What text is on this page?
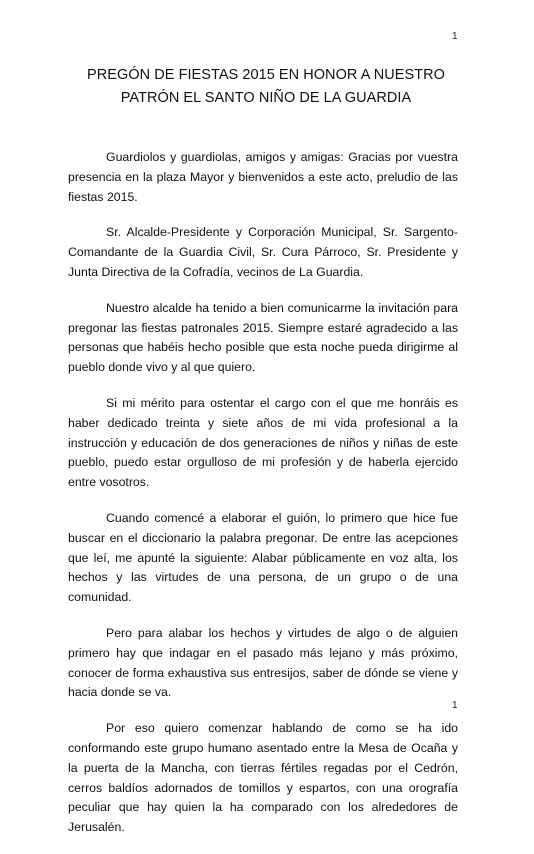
1
PREGÓN DE FIESTAS 2015 EN HONOR A NUESTRO
PATRÓN EL SANTO NIÑO DE LA GUARDIA

Guardiolos y guardiolas, amigos y amigas: Gracias por vuestra presencia en la plaza Mayor y bienvenidos a este acto, preludio de las fiestas 2015.

Sr. Alcalde-Presidente y Corporación Municipal, Sr. Sargento-Comandante de la Guardia Civil, Sr. Cura Párroco, Sr. Presidente y Junta Directiva de la Cofradía, vecinos de La Guardia.

Nuestro alcalde ha tenido a bien comunicarme la invitación para pregonar las fiestas patronales 2015. Siempre estaré agradecido a las personas que habéis hecho posible que esta noche pueda dirigirme al pueblo donde vivo y al que quiero.

Si mi mérito para ostentar el cargo con el que me honráis es haber dedicado treinta y siete años de mi vida profesional a la instrucción y educación de dos generaciones de niños y niñas de este pueblo, puedo estar orgulloso de mi profesión y de haberla ejercido entre vosotros.

Cuando comencé a elaborar el guión, lo primero que hice fue buscar en el diccionario la palabra pregonar. De entre las acepciones que leí, me apunté la siguiente: Alabar públicamente en voz alta, los hechos y las virtudes de una persona, de un grupo o de una comunidad.

Pero para alabar los hechos y virtudes de algo o de alguien primero hay que indagar en el pasado más lejano y más próximo, conocer de forma exhaustiva sus entresijos, saber de dónde se viene y hacia donde se va.

Por eso quiero comenzar hablando de como se ha ido conformando este grupo humano asentado entre la Mesa de Ocaña y la puerta de la Mancha, con tierras fértiles regadas por el Cedrón, cerros baldíos adornados de tomillos y espartos, con una orografía peculiar que hay quien la ha comparado con los alrededores de Jerusalén.

1
